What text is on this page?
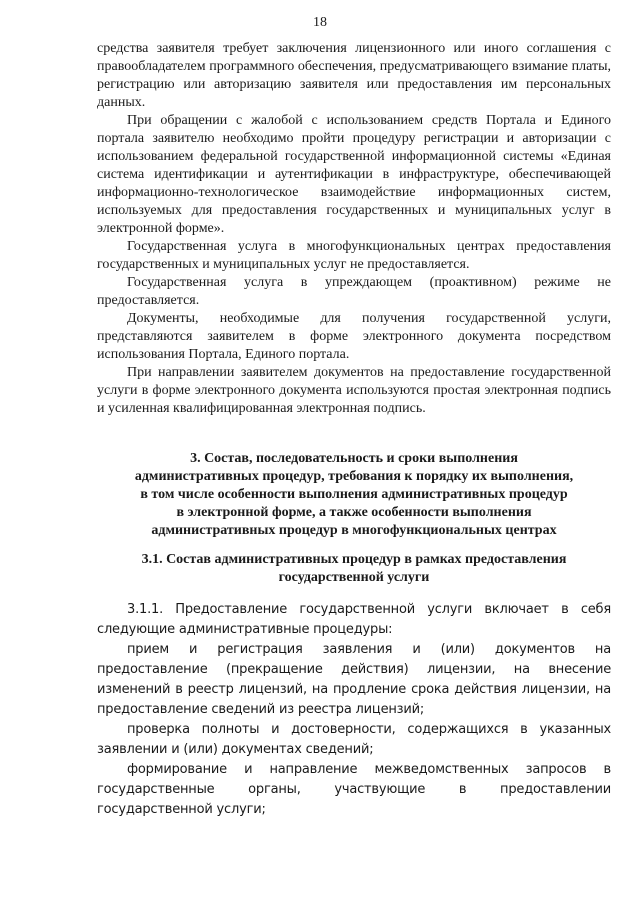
18

средства заявителя требует заключения лицензионного или иного соглашения с правообладателем программного обеспечения, предусматривающего взимание платы, регистрацию или авторизацию заявителя или предоставления им персональных данных.

При обращении с жалобой с использованием средств Портала и Единого портала заявителю необходимо пройти процедуру регистрации и авторизации с использованием федеральной государственной информационной системы «Единая система идентификации и аутентификации в инфраструктуре, обеспечивающей информационно-технологическое взаимодействие информационных систем, используемых для предоставления государственных и муниципальных услуг в электронной форме».

Государственная услуга в многофункциональных центрах предоставления государственных и муниципальных услуг не предоставляется.

Государственная услуга в упреждающем (проактивном) режиме не предоставляется.

Документы, необходимые для получения государственной услуги, представляются заявителем в форме электронного документа посредством использования Портала, Единого портала.

При направлении заявителем документов на предоставление государственной услуги в форме электронного документа используются простая электронная подпись и усиленная квалифицированная электронная подпись.

3. Состав, последовательность и сроки выполнения
административных процедур, требования к порядку их выполнения,
в том числе особенности выполнения административных процедур
в электронной форме, а также особенности выполнения
административных процедур в многофункциональных центрах
3.1. Состав административных процедур в рамках предоставления
государственной услуги

3.1.1. Предоставление государственной услуги включает в себя следующие административные процедуры:

прием и регистрация заявления и (или) документов на предоставление (прекращение действия) лицензии, на внесение изменений в реестр лицензий, на продление срока действия лицензии, на предоставление сведений из реестра лицензий;

проверка полноты и достоверности, содержащихся в указанных заявлении и (или) документах сведений;

формирование и направление межведомственных запросов в государственные органы, участвующие в предоставлении государственной услуги;
